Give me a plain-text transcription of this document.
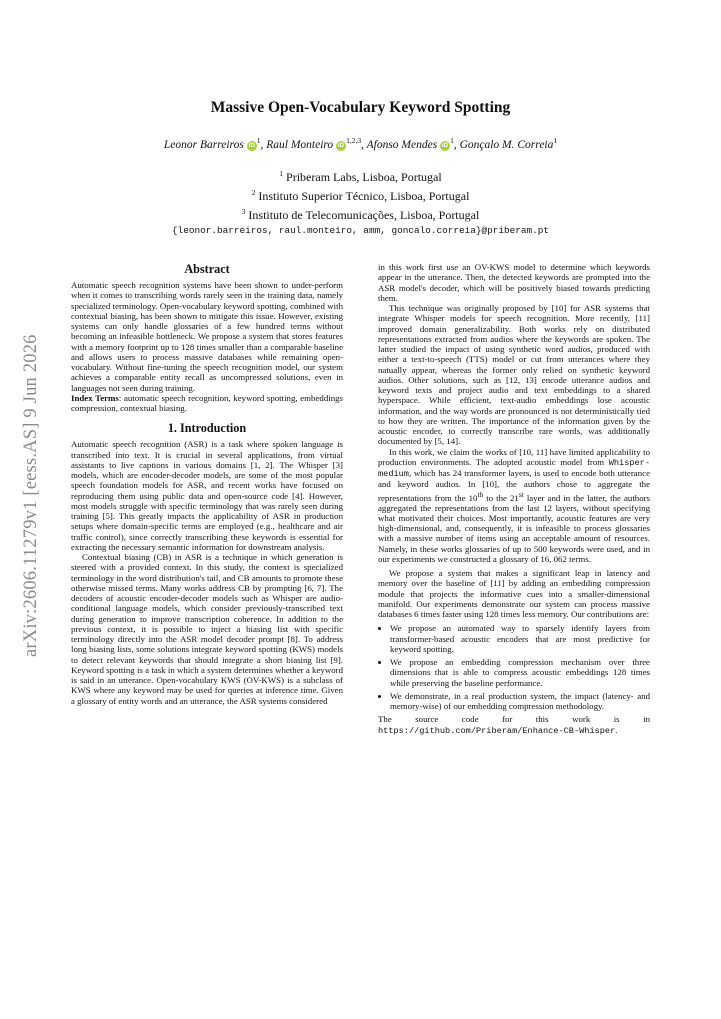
Massive Open-Vocabulary Keyword Spotting
Leonor Barreiros $iD^1$, Raul Monteiro iD$^{1,2,3}$, Afonso Mendes $iD^1$, Gonçalo M. Correia$^1$
$^1$ Priberam Labs, Lisboa, Portugal
$^2$ Instituto Superior Técnico, Lisboa, Portugal
$^3$ Instituto de Telecomunicações, Lisboa, Portugal
{leonor.barreiros, raul.monteiro, amm, goncalo.correia}@priberam.pt
arXiv:2606.11279v1 [eess.AS] 9 Jun 2026
Abstract

Automatic speech recognition systems have been shown to under-perform when it comes to transcribing words rarely seen in the training data, namely specialized terminology. Open-vocabulary keyword spotting, combined with contextual biasing, has been shown to mitigate this issue. However, existing systems can only handle glossaries of a few hundred terms without becoming an infeasible bottleneck. We propose a system that stores features with a memory footprint up to 128 times smaller than a comparable baseline and allows users to process massive databases while remaining open-vocabulary. Without fine-tuning the speech recognition model, our system achieves a comparable entity recall as uncompressed solutions, even in languages not seen during training.

Index Terms: automatic speech recognition, keyword spotting, embeddings compression, contextual biasing.

1. Introduction

Automatic speech recognition (ASR) is a task where spoken language is transcribed into text. It is crucial in several applications, from virtual assistants to live captions in various domains [1, 2]. The Whisper [3] models, which are encoder-decoder models, are some of the most popular speech foundation models for ASR, and recent works have focused on reproducing them using public data and open-source code [4]. However, most models struggle with specific terminology that was rarely seen during training [5]. This greatly impacts the applicability of ASR in production setups where domain-specific terms are employed (e.g., healthcare and air traffic control), since correctly transcribing these keywords is essential for extracting the necessary semantic information for downstream analysis.

Contextual biasing (CB) in ASR is a technique in which generation is steered with a provided context. In this study, the context is specialized terminology in the word distribution's tail, and CB amounts to promote these otherwise missed terms. Many works address CB by prompting [6, 7]. The decoders of acoustic encoder-decoder models such as Whisper are audio-conditional language models, which consider previously-transcribed text during generation to improve transcription coherence. In addition to the previous context, it is possible to inject a biasing list with specific terminology directly into the ASR model decoder prompt [8]. To address long biasing lists, some solutions integrate keyword spotting (KWS) models to detect relevant keywords that should integrate a short biasing list [9]. Keyword spotting is a task in which a system determines whether a keyword is said in an utterance. Open-vocabulary KWS (OV-KWS) is a subclass of KWS where any keyword may be used for queries at inference time. Given a glossary of entity words and an utterance, the ASR systems considered

in this work first use an OV-KWS model to determine which keywords appear in the utterance. Then, the detected keywords are prompted into the ASR model's decoder, which will be positively biased towards predicting them.

This technique was originally proposed by [10] for ASR systems that integrate Whisper models for speech recognition. More recently, [11] improved domain generalizability. Both works rely on distributed representations extracted from audios where the keywords are spoken. The latter studied the impact of using synthetic word audios, produced with either a text-to-speech (TTS) model or cut from utterances where they natually appear, whereas the former only relied on synthetic keyword audios. Other solutions, such as [12, 13] encode utterance audios and keyword texts and project audio and text embeddings to a shared hyperspace. While efficient, text-audio embeddings lose acoustic information, and the way words are pronounced is not deterministically tied to how they are written. The importance of the information given by the acoustic encoder, to correctly transcribe rare words, was additionally documented by [5, 14].

In this work, we claim the works of [10, 11] have limited applicability to production environments. The adopted acoustic model from Whisper-medium, which has 24 transformer layers, is used to encode both utterance and keyword audios. In [10], the authors chose to aggregate the representations from the 10th to the 21st layer and in the latter, the authors aggregated the representations from the last 12 layers, without specifying what motivated their choices. Most importantly, acoustic features are very high-dimensional, and, consequently, it is infeasible to process glossaries with a massive number of items using an acceptable amount of resources. Namely, in these works glossaries of up to 500 keywords were used, and in our experiments we constructed a glossary of 16, 062 terms.

We propose a system that makes a significant leap in latency and memory over the baseline of [11] by adding an embedding compression module that projects the informative cues into a smaller-dimensional manifold. Our experiments demonstrate our system can process massive databases 6 times faster using 128 times less memory. Our contributions are:

• We propose an automated way to sparsely identify layers from transformer-based acoustic encoders that are most predictive for keyword spotting.
• We propose an embedding compression mechanism over three dimensions that is able to compress acoustic embeddings 128 times while preserving the baseline performance.
• We demonstrate, in a real production system, the impact (latency- and memory-wise) of our embedding compression methodology.

The source code for this work is in https://github.com/Priberam/Enhance-CB-Whisper.
